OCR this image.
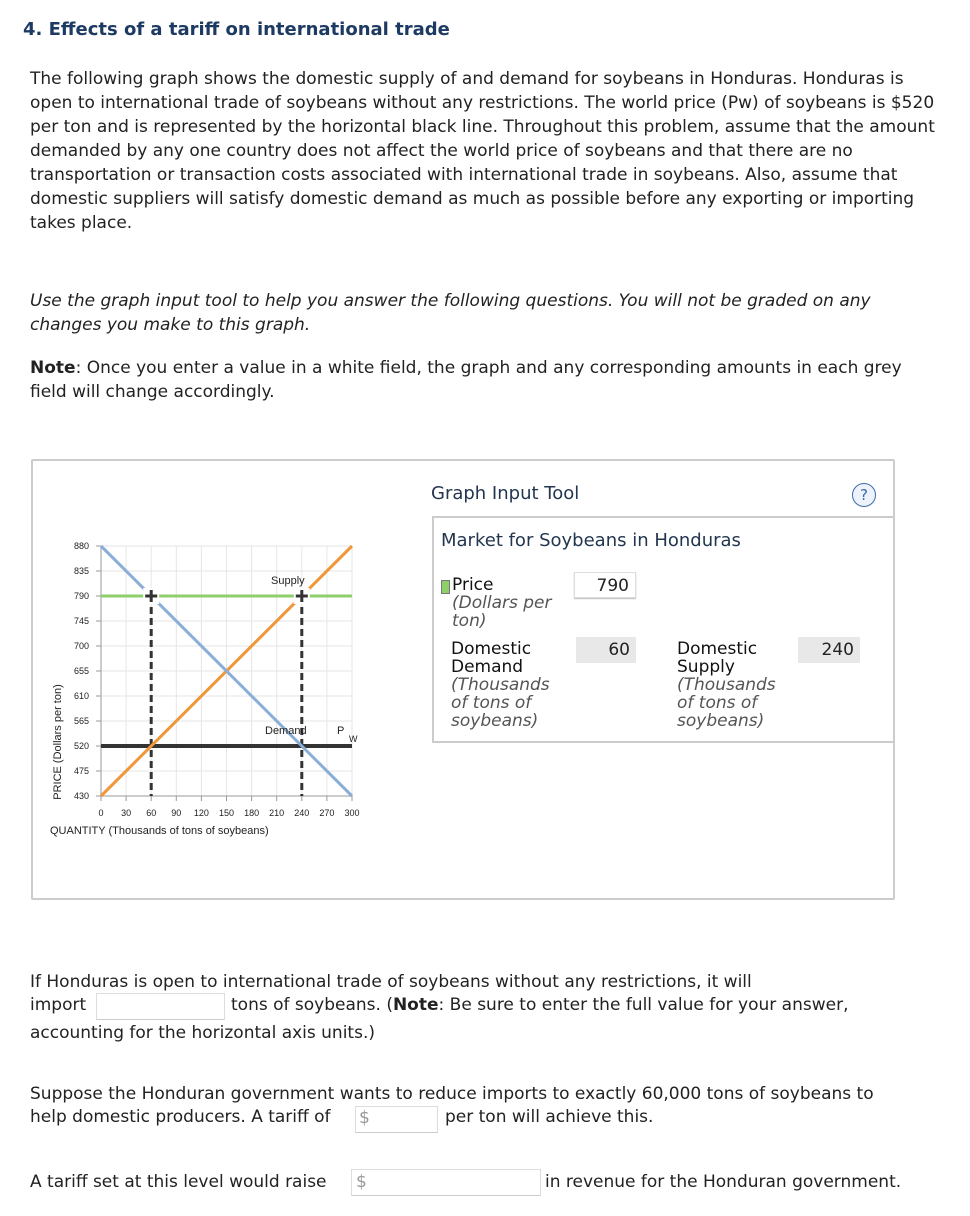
4. Effects of a tariff on international trade

The following graph shows the domestic supply of and demand for soybeans in Honduras. Honduras is open to international trade of soybeans without any restrictions. The world price (Pw) of soybeans is $520 per ton and is represented by the horizontal black line. Throughout this problem, assume that the amount demanded by any one country does not affect the world price of soybeans and that there are no transportation or transaction costs associated with international trade in soybeans. Also, assume that domestic suppliers will satisfy domestic demand as much as possible before any exporting or importing takes place.

Use the graph input tool to help you answer the following questions. You will not be graded on any changes you make to this graph.

Note: Once you enter a value in a white field, the graph and any corresponding amounts in each grey field will change accordingly.

0 30 60 90 120 150 180 210 240 270 300
880
835
790
745
700
655
610
565
520
475
430
PRICE (Dollars per ton)
QUANTITY (Thousands of tons of soybeans)
Supply
Demand	P
W
Graph Input Tool	?
Market for Soybeans in Honduras
Price
(Dollars per ton)
790
Domestic Demand
(Thousands of tons of soybeans)
60	Domestic Supply
(Thousands of tons of soybeans)
240

If Honduras is open to international trade of soybeans without any restrictions, it will

import	tons of soybeans. (Note: Be sure to enter the full value for your answer,

accounting for the horizontal axis units.)

Suppose the Honduran government wants to reduce imports to exactly 60,000 tons of soybeans to

help domestic producers. A tariff of $	per ton will achieve this.
A tariff set at this level would raise $	in revenue for the Honduran government.
